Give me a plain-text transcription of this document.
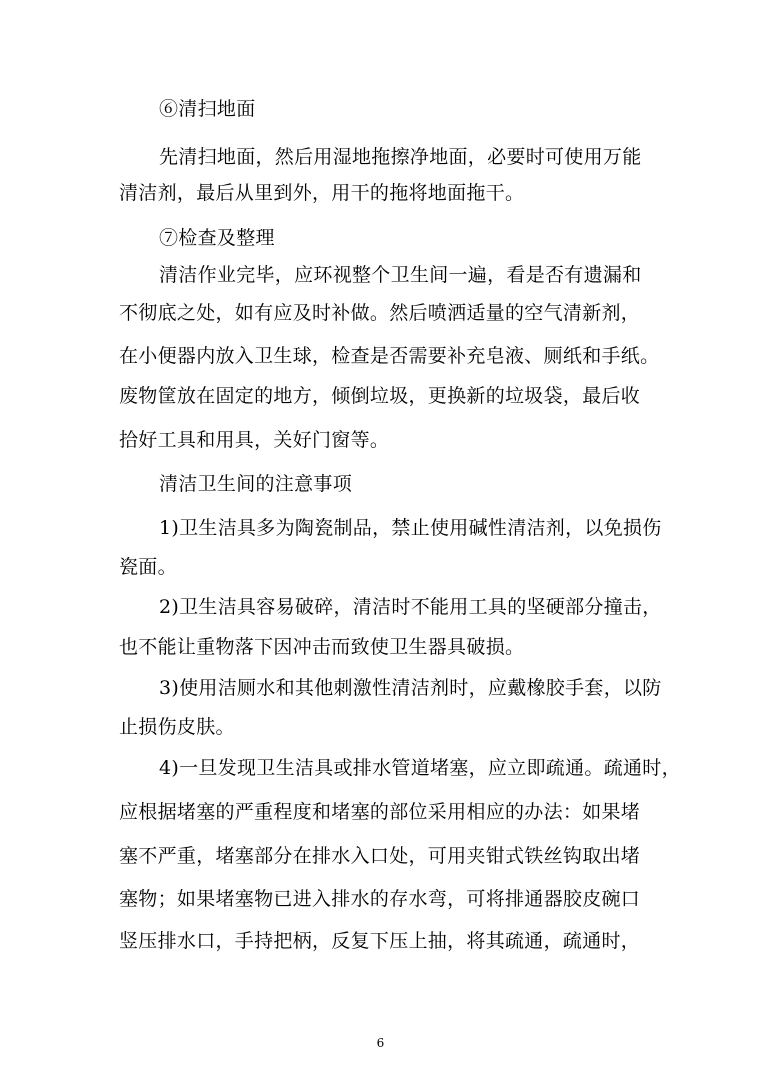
⑥清扫地面

先清扫地面，然后用湿地拖擦净地面，必要时可使用万能

清洁剂，最后从里到外，用干的拖将地面拖干。

⑦检查及整理

清洁作业完毕，应环视整个卫生间一遍，看是否有遗漏和

不彻底之处，如有应及时补做。然后喷洒适量的空气清新剂，

在小便器内放入卫生球，检查是否需要补充皂液、厕纸和手纸。

废物筐放在固定的地方，倾倒垃圾，更换新的垃圾袋，最后收

拾好工具和用具，关好门窗等。

清洁卫生间的注意事项

1)卫生洁具多为陶瓷制品，禁止使用碱性清洁剂，以免损伤

瓷面。

2)卫生洁具容易破碎，清洁时不能用工具的坚硬部分撞击，

也不能让重物落下因冲击而致使卫生器具破损。

3)使用洁厕水和其他刺激性清洁剂时，应戴橡胶手套，以防

止损伤皮肤。

4)一旦发现卫生洁具或排水管道堵塞，应立即疏通。疏通时，

应根据堵塞的严重程度和堵塞的部位采用相应的办法：如果堵

塞不严重，堵塞部分在排水入口处，可用夹钳式铁丝钩取出堵

塞物；如果堵塞物已进入排水的存水弯，可将排通器胶皮碗口

竖压排水口，手持把柄，反复下压上抽，将其疏通，疏通时，

6
